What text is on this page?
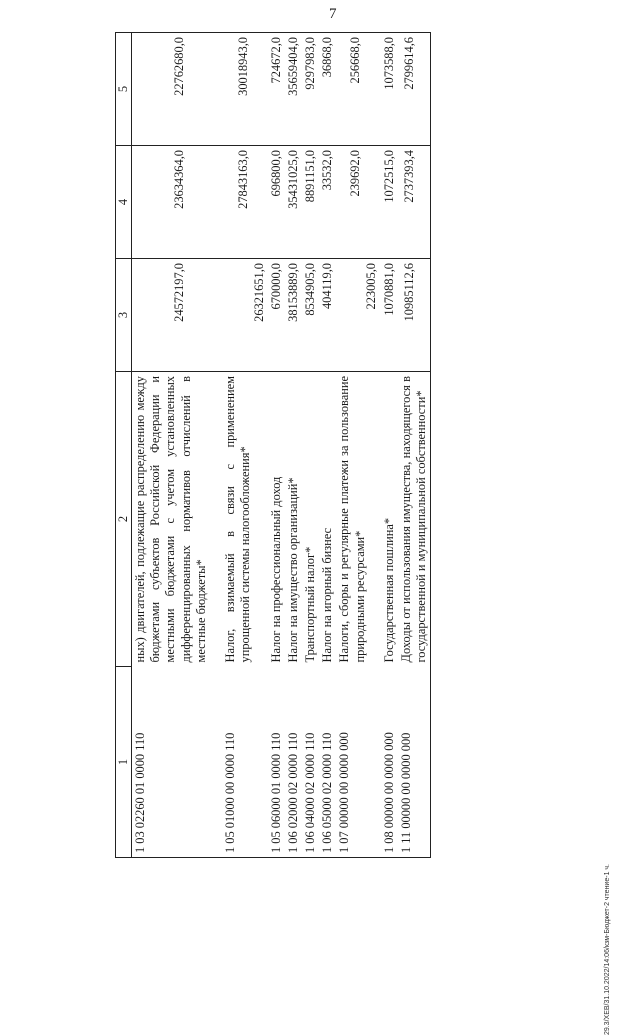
7
1	2	3	4	5
1 03 02260 01 0000 110	ных) двигателей, подлежащие распределению между бюджетами субъектов Российской Федерации и местными бюджетами с учетом установленных дифференцированных нормативов отчислений в местные бюджеты*	24572197,0	23634364,0	22762680,0

1 05 01000 00 0000 110	Налог, взимаемый в связи с применением упрощенной системы налогообложения*	26321651,0	27843163,0	30018943,0
1 05 06000 01 0000 110	Налог на профессиональный доход	670000,0	696800,0	724672,0
1 06 02000 02 0000 110	Налог на имущество организаций*	38153889,0	35431025,0	35659404,0
1 06 04000 02 0000 110	Транспортный налог*	8534905,0	8891151,0	9297983,0
1 06 05000 02 0000 110	Налог на игорный бизнес	404119,0	33532,0	36868,0
1 07 00000 00 0000 000	Налоги, сборы и регулярные платежи за пользование природными ресурсами*	223005,0	239692,0	256668,0
1 08 00000 00 0000 000	Государственная пошлина*	1070881,0	1072515,0	1073588,0
1 11 00000 00 0000 000	Доходы от использования имущества, находящегося в государственной и муниципальной собственности*	10985112,6	2737393,4	2799614,6
29.3/ХЕВ/31.10.2022/14:06/кзм-Бюджет-2 чтение-1 ч.
